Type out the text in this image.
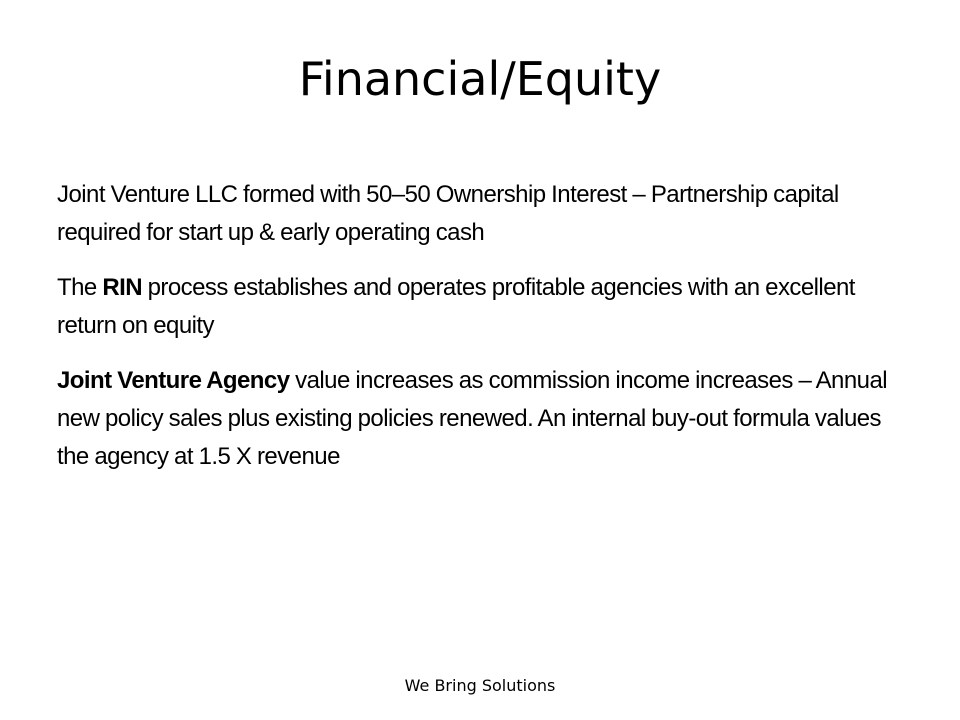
Financial/Equity

Joint Venture LLC formed with 50–50 Ownership Interest – Partnership capital required for start up & early operating cash

The RIN process establishes and operates profitable agencies with an excellent return on equity

Joint Venture Agency value increases as commission income increases – Annual new policy sales plus existing policies renewed. An internal buy-out formula values the agency at 1.5 X revenue

We Bring Solutions
